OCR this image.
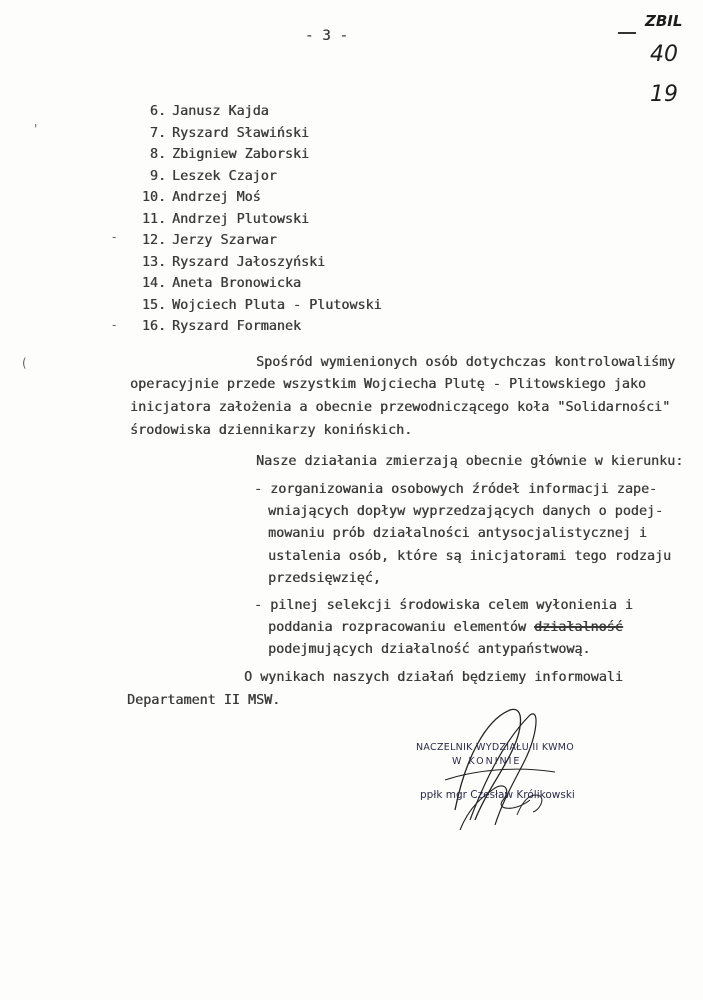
- 3 -
ZBIL
40
19
'
(
-
-
6. Janusz Kajda
7. Ryszard Sławiński
8. Zbigniew Zaborski
9. Leszek Czajor
10. Andrzej Moś
11. Andrzej Plutowski
12. Jerzy Szarwar
13. Ryszard Jałoszyński
14. Aneta Bronowicka
15. Wojciech Pluta - Plutowski
16. Ryszard Formanek
Spośród wymienionych osób dotychczas kontrolowaliśmy
operacyjnie przede wszystkim Wojciecha Plutę - Plitowskiego jako
inicjatora założenia a obecnie przewodniczącego koła "Solidarności"
środowiska dziennikarzy konińskich.
Nasze działania zmierzają obecnie głównie w kierunku:
- zorganizowania osobowych źródeł informacji zape-
wniających dopływ wyprzedzających danych o podej-
mowaniu prób działalności antysocjalistycznej i
ustalenia osób, które są inicjatorami tego rodzaju
przedsięwzięć,
- pilnej selekcji środowiska celem wyłonienia i
poddania rozpracowaniu elementów działalność
podejmujących działalność antypaństwową.
O wynikach naszych działań będziemy informowali
Departament II MSW.
NACZELNIK WYDZIAŁU II KWMO
W KONINIE
ppłk mgr Czesław Królikowski
